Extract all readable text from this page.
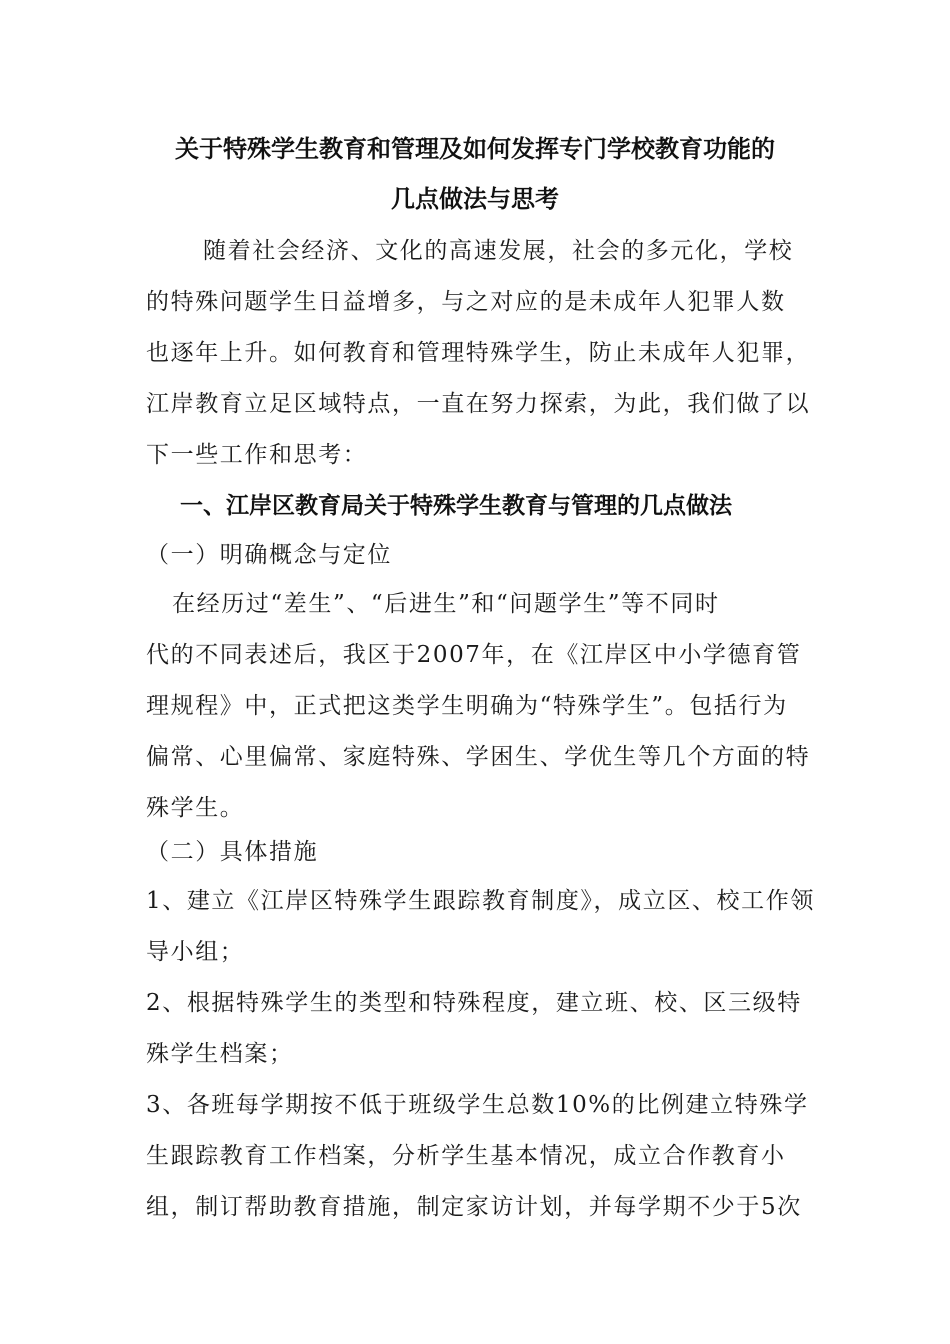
关于特殊学生教育和管理及如何发挥专门学校教育功能的
几点做法与思考
随着社会经济、文化的高速发展，社会的多元化，学校
的特殊问题学生日益增多，与之对应的是未成年人犯罪人数
也逐年上升。如何教育和管理特殊学生，防止未成年人犯罪，
江岸教育立足区域特点，一直在努力探索，为此，我们做了以
下一些工作和思考：
一、江岸区教育局关于特殊学生教育与管理的几点做法
（一）明确概念与定位
在经历过“差生”、“后进生”和“问题学生”等不同时
代的不同表述后，我区于2007年，在《江岸区中小学德育管
理规程》中，正式把这类学生明确为“特殊学生”。包括行为
偏常、心里偏常、家庭特殊、学困生、学优生等几个方面的特
殊学生。
（二）具体措施
1、建立《江岸区特殊学生跟踪教育制度》，成立区、校工作领
导小组；
2、根据特殊学生的类型和特殊程度，建立班、校、区三级特
殊学生档案；
3、各班每学期按不低于班级学生总数10%的比例建立特殊学
生跟踪教育工作档案，分析学生基本情况，成立合作教育小
组，制订帮助教育措施，制定家访计划，并每学期不少于5次
